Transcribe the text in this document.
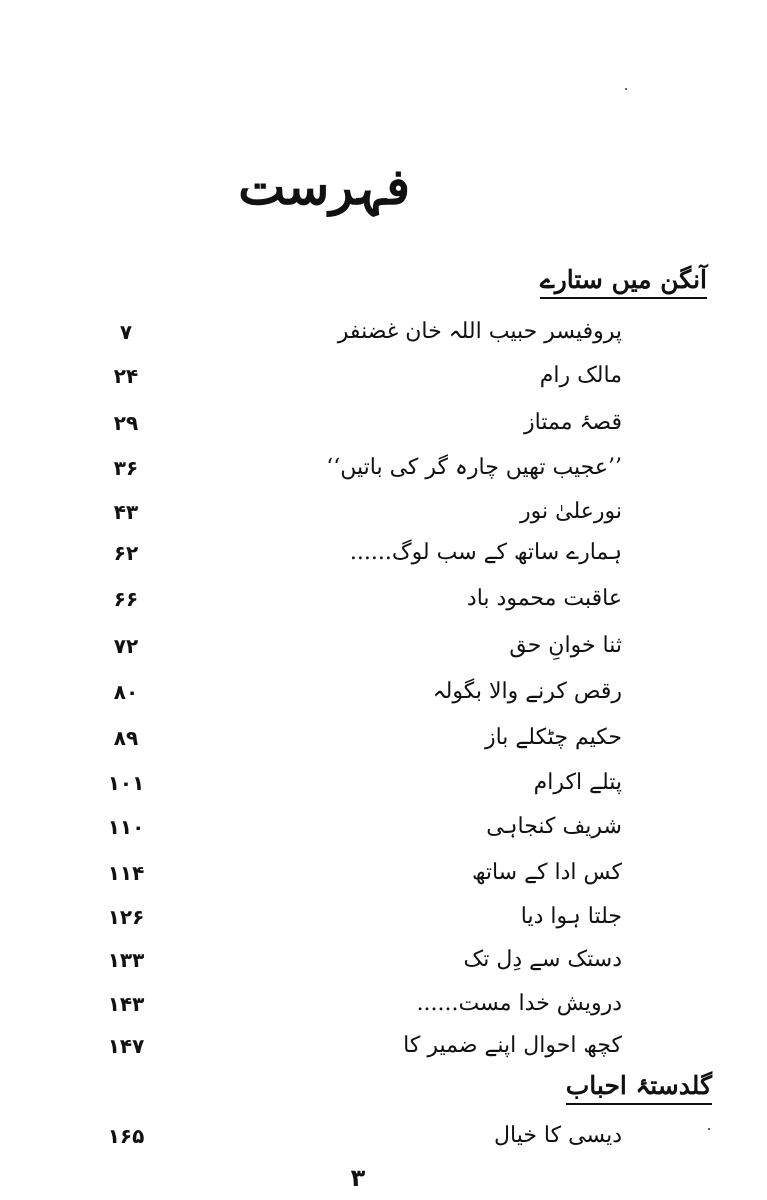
فہرست
آنگن میں ستارے
پروفیسر حبیب اللہ خان غضنفر
۷
مالک رام
۲۴
قصۂ ممتاز
۲۹
’’عجیب تھیں چارہ گر کی باتیں‘‘
۳۶
نورعلیٰ نور
۴۳
ہمارے ساتھ کے سب لوگ......
۶۲
عاقبت محمود باد
۶۶
ثنا خوانِ حق
۷۲
رقص کرنے والا بگولہ
۸۰
حکیم چٹکلے باز
۸۹
پتلے اکرام
۱۰۱
شریف کنجاہی
۱۱۰
کس ادا کے ساتھ
۱۱۴
جلتا ہوا دیا
۱۲۶
دستک سے دِل تک
۱۳۳
درویش خدا مست......
۱۴۳
کچھ احوال اپنے ضمیر کا
۱۴۷
گلدستۂ احباب
دیسی کا خیال
۱۶۵
۳
